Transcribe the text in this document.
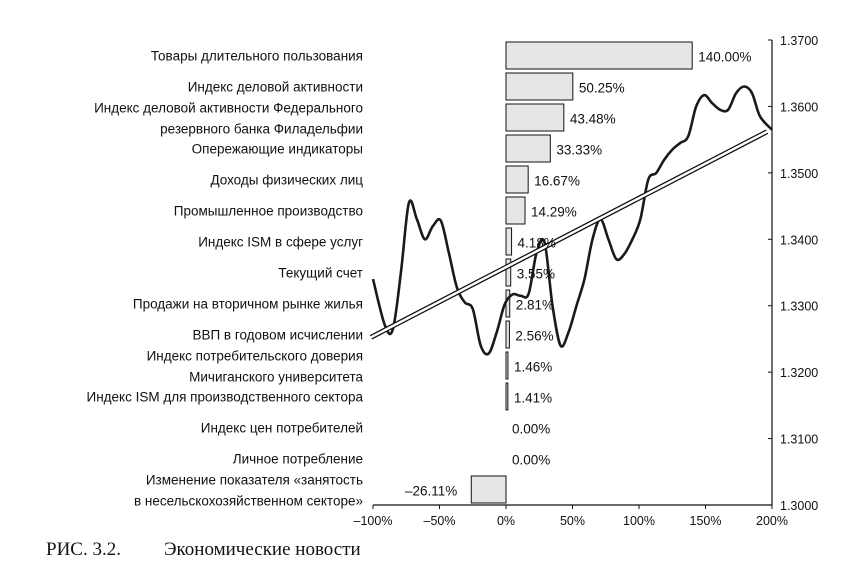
Товары длительного пользования
Индекс деловой активности
Индекс деловой активности Федерального резервного банка Филадельфии
Опережающие индикаторы
Доходы физических лиц
Промышленное производство
Индекс ISM в сфере услуг
Текущий счет
Продажи на вторичном рынке жилья
ВВП в годовом исчислении
Индекс потребительского доверия Мичиганского университета
Индекс ISM для производственного сектора
Индекс цен потребителей
Личное потребление
Изменение показателя «занятость в несельскохозяйственном секторе»
140.00%
50.25%
43.48%
33.33%
16.67%
14.29%
4.18%
3.55%
2.81%
2.56%
1.46%
1.41%
0.00%
0.00%
–26.11%
–100% –50%	0%	50%	100%	150%	200%
1.3000
1.3100
1.3200
1.3300
1.3400
1.3500
1.3600
1.3700
РИС. 3.2. Экономические новости
